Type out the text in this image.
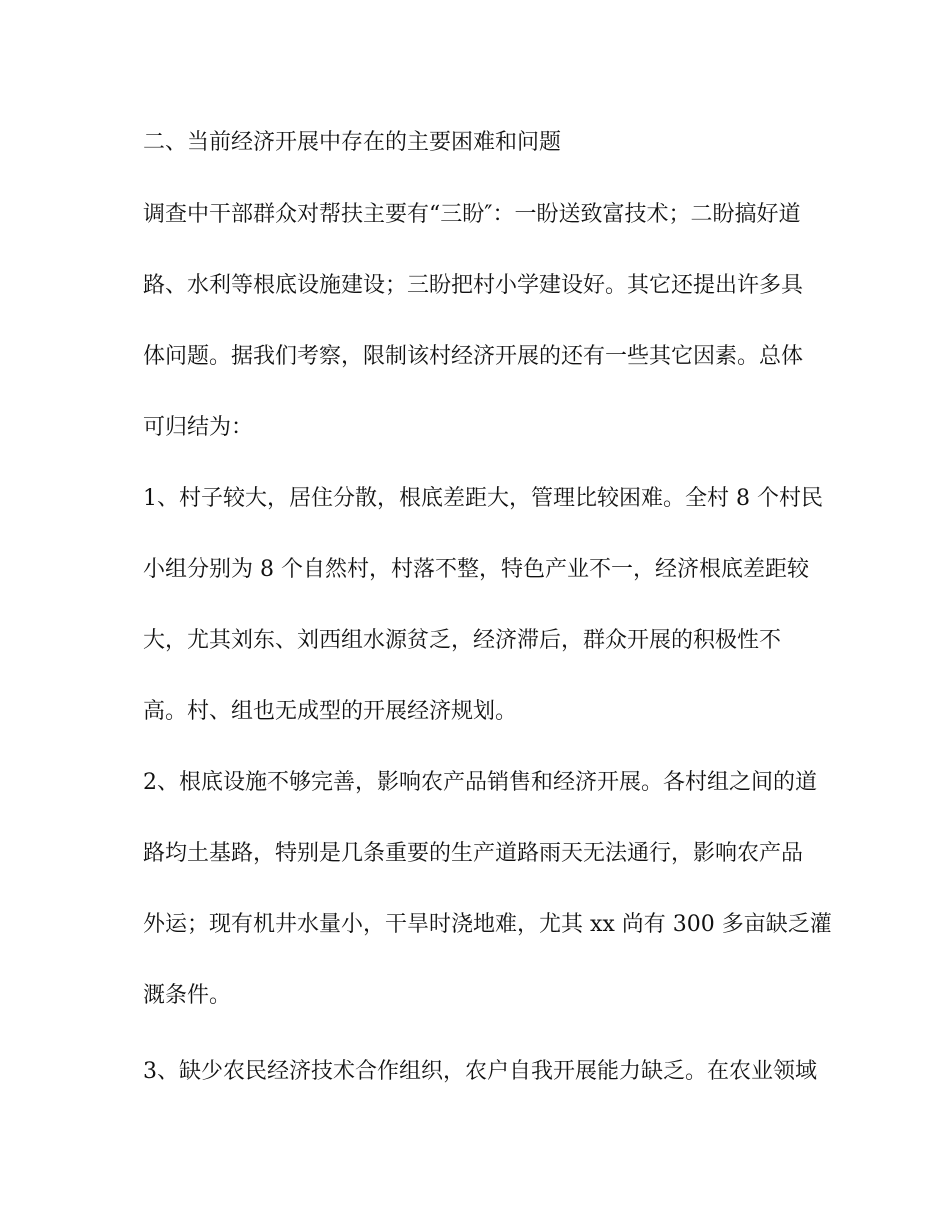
二、当前经济开展中存在的主要困难和问题

调查中干部群众对帮扶主要有“三盼″：一盼送致富技术；二盼搞好道

路、水利等根底设施建设；三盼把村小学建设好。其它还提出许多具

体问题。据我们考察，限制该村经济开展的还有一些其它因素。总体

可归结为：

1、村子较大，居住分散，根底差距大，管理比较困难。全村 8 个村民

小组分别为 8 个自然村，村落不整，特色产业不一，经济根底差距较

大，尤其刘东、刘西组水源贫乏，经济滞后，群众开展的积极性不

高。村、组也无成型的开展经济规划。

2、根底设施不够完善，影响农产品销售和经济开展。各村组之间的道

路均土基路，特别是几条重要的生产道路雨天无法通行，影响农产品

外运；现有机井水量小，干旱时浇地难，尤其 xx 尚有 300 多亩缺乏灌

溉条件。

3、缺少农民经济技术合作组织，农户自我开展能力缺乏。在农业领域
